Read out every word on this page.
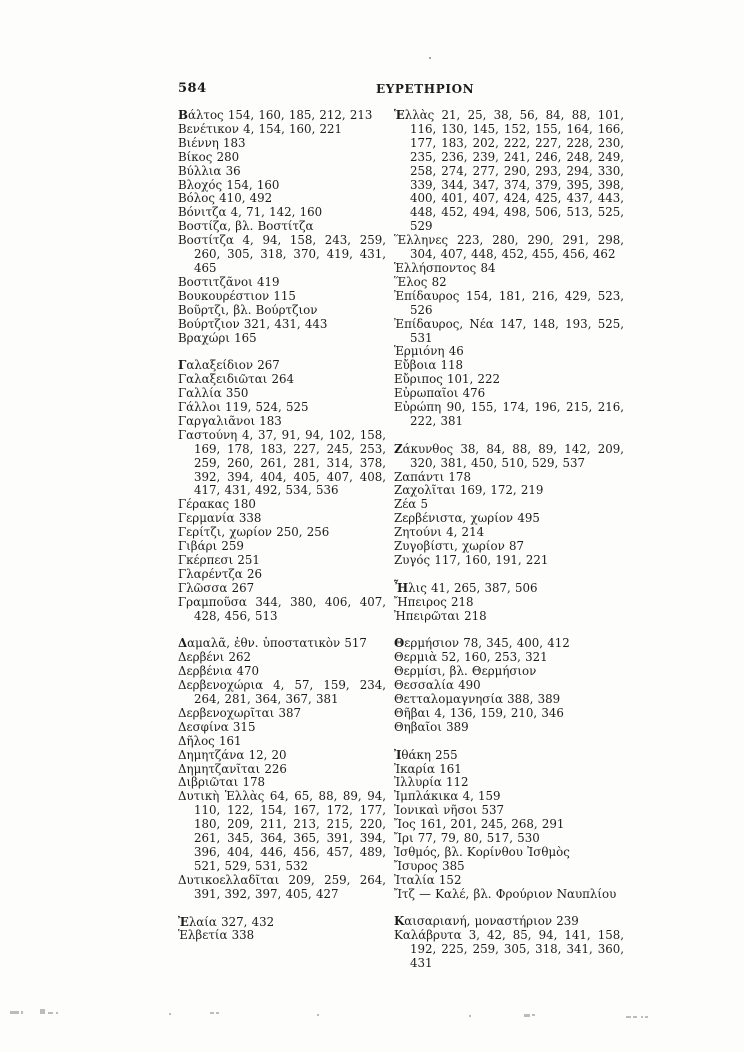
584	ΕΥΡΕΤΗΡΙΟΝ
Βάλτος 154, 160, 185, 212, 213
Βενέτικον 4, 154, 160, 221
Βιέννη 183
Βίκος 280
Βύλλια 36
Βλοχός 154, 160
Βόλος 410, 492
Βόνιτζα 4, 71, 142, 160
Βοστίζα, βλ. Βοστίτζα
Βοστίτζα 4, 94, 158, 243, 259, 260, 305, 318, 370, 419, 431, 465
Βοστιτζᾶνοι 419
Βουκουρέστιον 115
Βοῦρτζι, βλ. Βούρτζιον
Βούρτζιον 321, 431, 443
Βραχώρι 165
Γαλαξείδιον 267
Γαλαξειδιῶται 264
Γαλλία 350
Γάλλοι 119, 524, 525
Γαργαλιᾶνοι 183
Γαστούνη 4, 37, 91, 94, 102, 158, 169, 178, 183, 227, 245, 253, 259, 260, 261, 281, 314, 378, 392, 394, 404, 405, 407, 408, 417, 431, 492, 534, 536
Γέρακας 180
Γερμανία 338
Γερίτζι, χωρίον 250, 256
Γιβάρι 259
Γκέρπεσι 251
Γλαρέντζα 26
Γλῶσσα 267
Γραμποῦσα 344, 380, 406, 407, 428, 456, 513
Δαμαλᾶ, ἐθν. ὑποστατικὸν 517
Δερβένι 262
Δερβένια 470
Δερβενοχώρια 4, 57, 159, 234, 264, 281, 364, 367, 381
Δερβενοχωρῖται 387
Δεσφίνα 315
Δῆλος 161
Δημητζάνα 12, 20
Δημητζανῖται 226
Διβριῶται 178
Δυτικὴ Ἑλλὰς 64, 65, 88, 89, 94, 110, 122, 154, 167, 172, 177, 180, 209, 211, 213, 215, 220, 261, 345, 364, 365, 391, 394, 396, 404, 446, 456, 457, 489, 521, 529, 531, 532
Δυτικοελλαδῖται 209, 259, 264, 391, 392, 397, 405, 427
Ἐλαία 327, 432
Ἑλβετία 338
Ἑλλὰς 21, 25, 38, 56, 84, 88, 101, 116, 130, 145, 152, 155, 164, 166, 177, 183, 202, 222, 227, 228, 230, 235, 236, 239, 241, 246, 248, 249, 258, 274, 277, 290, 293, 294, 330, 339, 344, 347, 374, 379, 395, 398, 400, 401, 407, 424, 425, 437, 443, 448, 452, 494, 498, 506, 513, 525, 529
Ἕλληνες 223, 280, 290, 291, 298, 304, 407, 448, 452, 455, 456, 462
Ἑλλήσποντος 84
Ἕλος 82
Ἐπίδαυρος 154, 181, 216, 429, 523, 526
Ἐπίδαυρος, Νέα 147, 148, 193, 525, 531
Ἑρμιόνη 46
Εὔβοια 118
Εὔριπος 101, 222
Εὐρωπαῖοι 476
Εὐρώπη 90, 155, 174, 196, 215, 216, 222, 381
Ζάκυνθος 38, 84, 88, 89, 142, 209, 320, 381, 450, 510, 529, 537
Ζαπάντι 178
Ζαχολῖται 169, 172, 219
Ζέα 5
Ζερβένιστα, χωρίον 495
Ζητούνι 4, 214
Ζυγοβίστι, χωρίον 87
Ζυγός 117, 160, 191, 221
Ἦλις 41, 265, 387, 506
Ἤπειρος 218
Ἠπειρῶται 218
Θερμήσιον 78, 345, 400, 412
Θερμιὰ 52, 160, 253, 321
Θερμίσι, βλ. Θερμήσιον
Θεσσαλία 490
Θετταλομαγνησία 388, 389
Θῆβαι 4, 136, 159, 210, 346
Θηβαῖοι 389
Ἰθάκη 255
Ἰκαρία 161
Ἰλλυρία 112
Ἰμπλάκικα 4, 159
Ἰονικαὶ νῆσοι 537
Ἴος 161, 201, 245, 268, 291
Ἴρι 77, 79, 80, 517, 530
Ἰσθμός, βλ. Κορίνθου Ἰσθμὸς
Ἴσυρος 385
Ἰταλία 152
Ἴτζ — Καλέ, βλ. Φρούριον Ναυπλίου
Καισαριανή, μοναστήριον 239
Καλάβρυτα 3, 42, 85, 94, 141, 158, 192, 225, 259, 305, 318, 341, 360, 431
